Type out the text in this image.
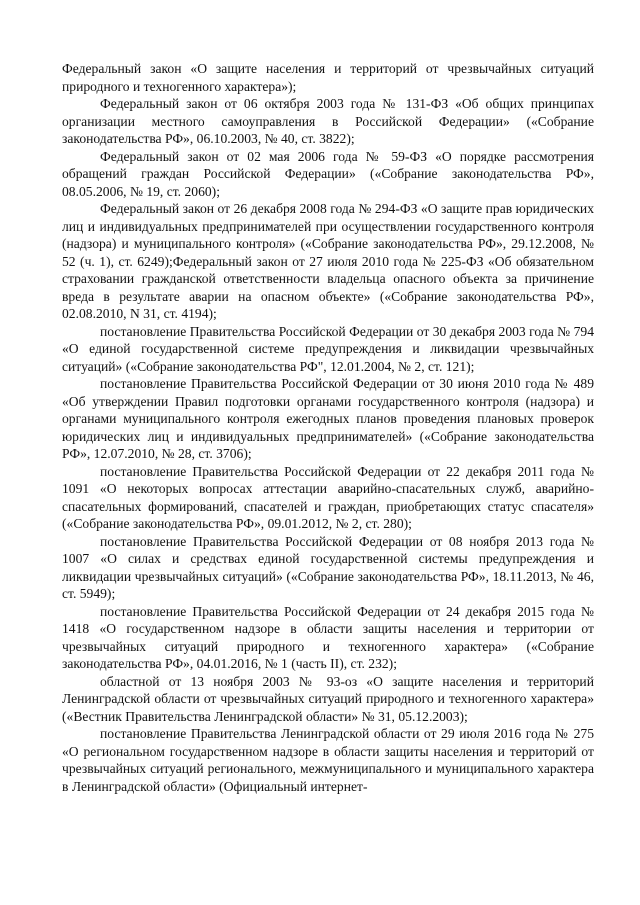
Федеральный закон «О защите населения и территорий от чрезвычайных ситуаций природного и техногенного характера»);

Федеральный закон от 06 октября 2003 года № 131-ФЗ «Об общих принципах организации местного самоуправления в Российской Федерации» («Собрание законодательства РФ», 06.10.2003, № 40, ст. 3822);

Федеральный закон от 02 мая 2006 года № 59-ФЗ «О порядке рассмотрения обращений граждан Российской Федерации» («Собрание законодательства РФ», 08.05.2006, № 19, ст. 2060);

Федеральный закон от 26 декабря 2008 года № 294-ФЗ «О защите прав юридических лиц и индивидуальных предпринимателей при осуществлении государственного контроля (надзора) и муниципального контроля» («Собрание законодательства РФ», 29.12.2008, № 52 (ч. 1), ст. 6249);Федеральный закон от 27 июля 2010 года № 225-ФЗ «Об обязательном страховании гражданской ответственности владельца опасного объекта за причинение вреда в результате аварии на опасном объекте» («Собрание законодательства РФ», 02.08.2010, N 31, ст. 4194);

постановление Правительства Российской Федерации от 30 декабря 2003 года № 794 «О единой государственной системе предупреждения и ликвидации чрезвычайных ситуаций» («Собрание законодательства РФ", 12.01.2004, № 2, ст. 121);

постановление Правительства Российской Федерации от 30 июня 2010 года № 489 «Об утверждении Правил подготовки органами государственного контроля (надзора) и органами муниципального контроля ежегодных планов проведения плановых проверок юридических лиц и индивидуальных предпринимателей» («Собрание законодательства РФ», 12.07.2010, № 28, ст. 3706);

постановление Правительства Российской Федерации от 22 декабря 2011 года № 1091 «О некоторых вопросах аттестации аварийно-спасательных служб, аварийно-спасательных формирований, спасателей и граждан, приобретающих статус спасателя» («Собрание законодательства РФ», 09.01.2012, № 2, ст. 280);

постановление Правительства Российской Федерации от 08 ноября 2013 года № 1007 «О силах и средствах единой государственной системы предупреждения и ликвидации чрезвычайных ситуаций» («Собрание законодательства РФ», 18.11.2013, № 46, ст. 5949);

постановление Правительства Российской Федерации от 24 декабря 2015 года № 1418 «О государственном надзоре в области защиты населения и территории от чрезвычайных ситуаций природного и техногенного характера» («Собрание законодательства РФ», 04.01.2016, № 1 (часть II), ст. 232);

областной от 13 ноября 2003 № 93-оз «О защите населения и территорий Ленинградской области от чрезвычайных ситуаций природного и техногенного характера» («Вестник Правительства Ленинградской области» № 31, 05.12.2003);

постановление Правительства Ленинградской области от 29 июля 2016 года № 275 «О региональном государственном надзоре в области защиты населения и территорий от чрезвычайных ситуаций регионального, межмуниципального и муниципального характера в Ленинградской области» (Официальный интернет-
